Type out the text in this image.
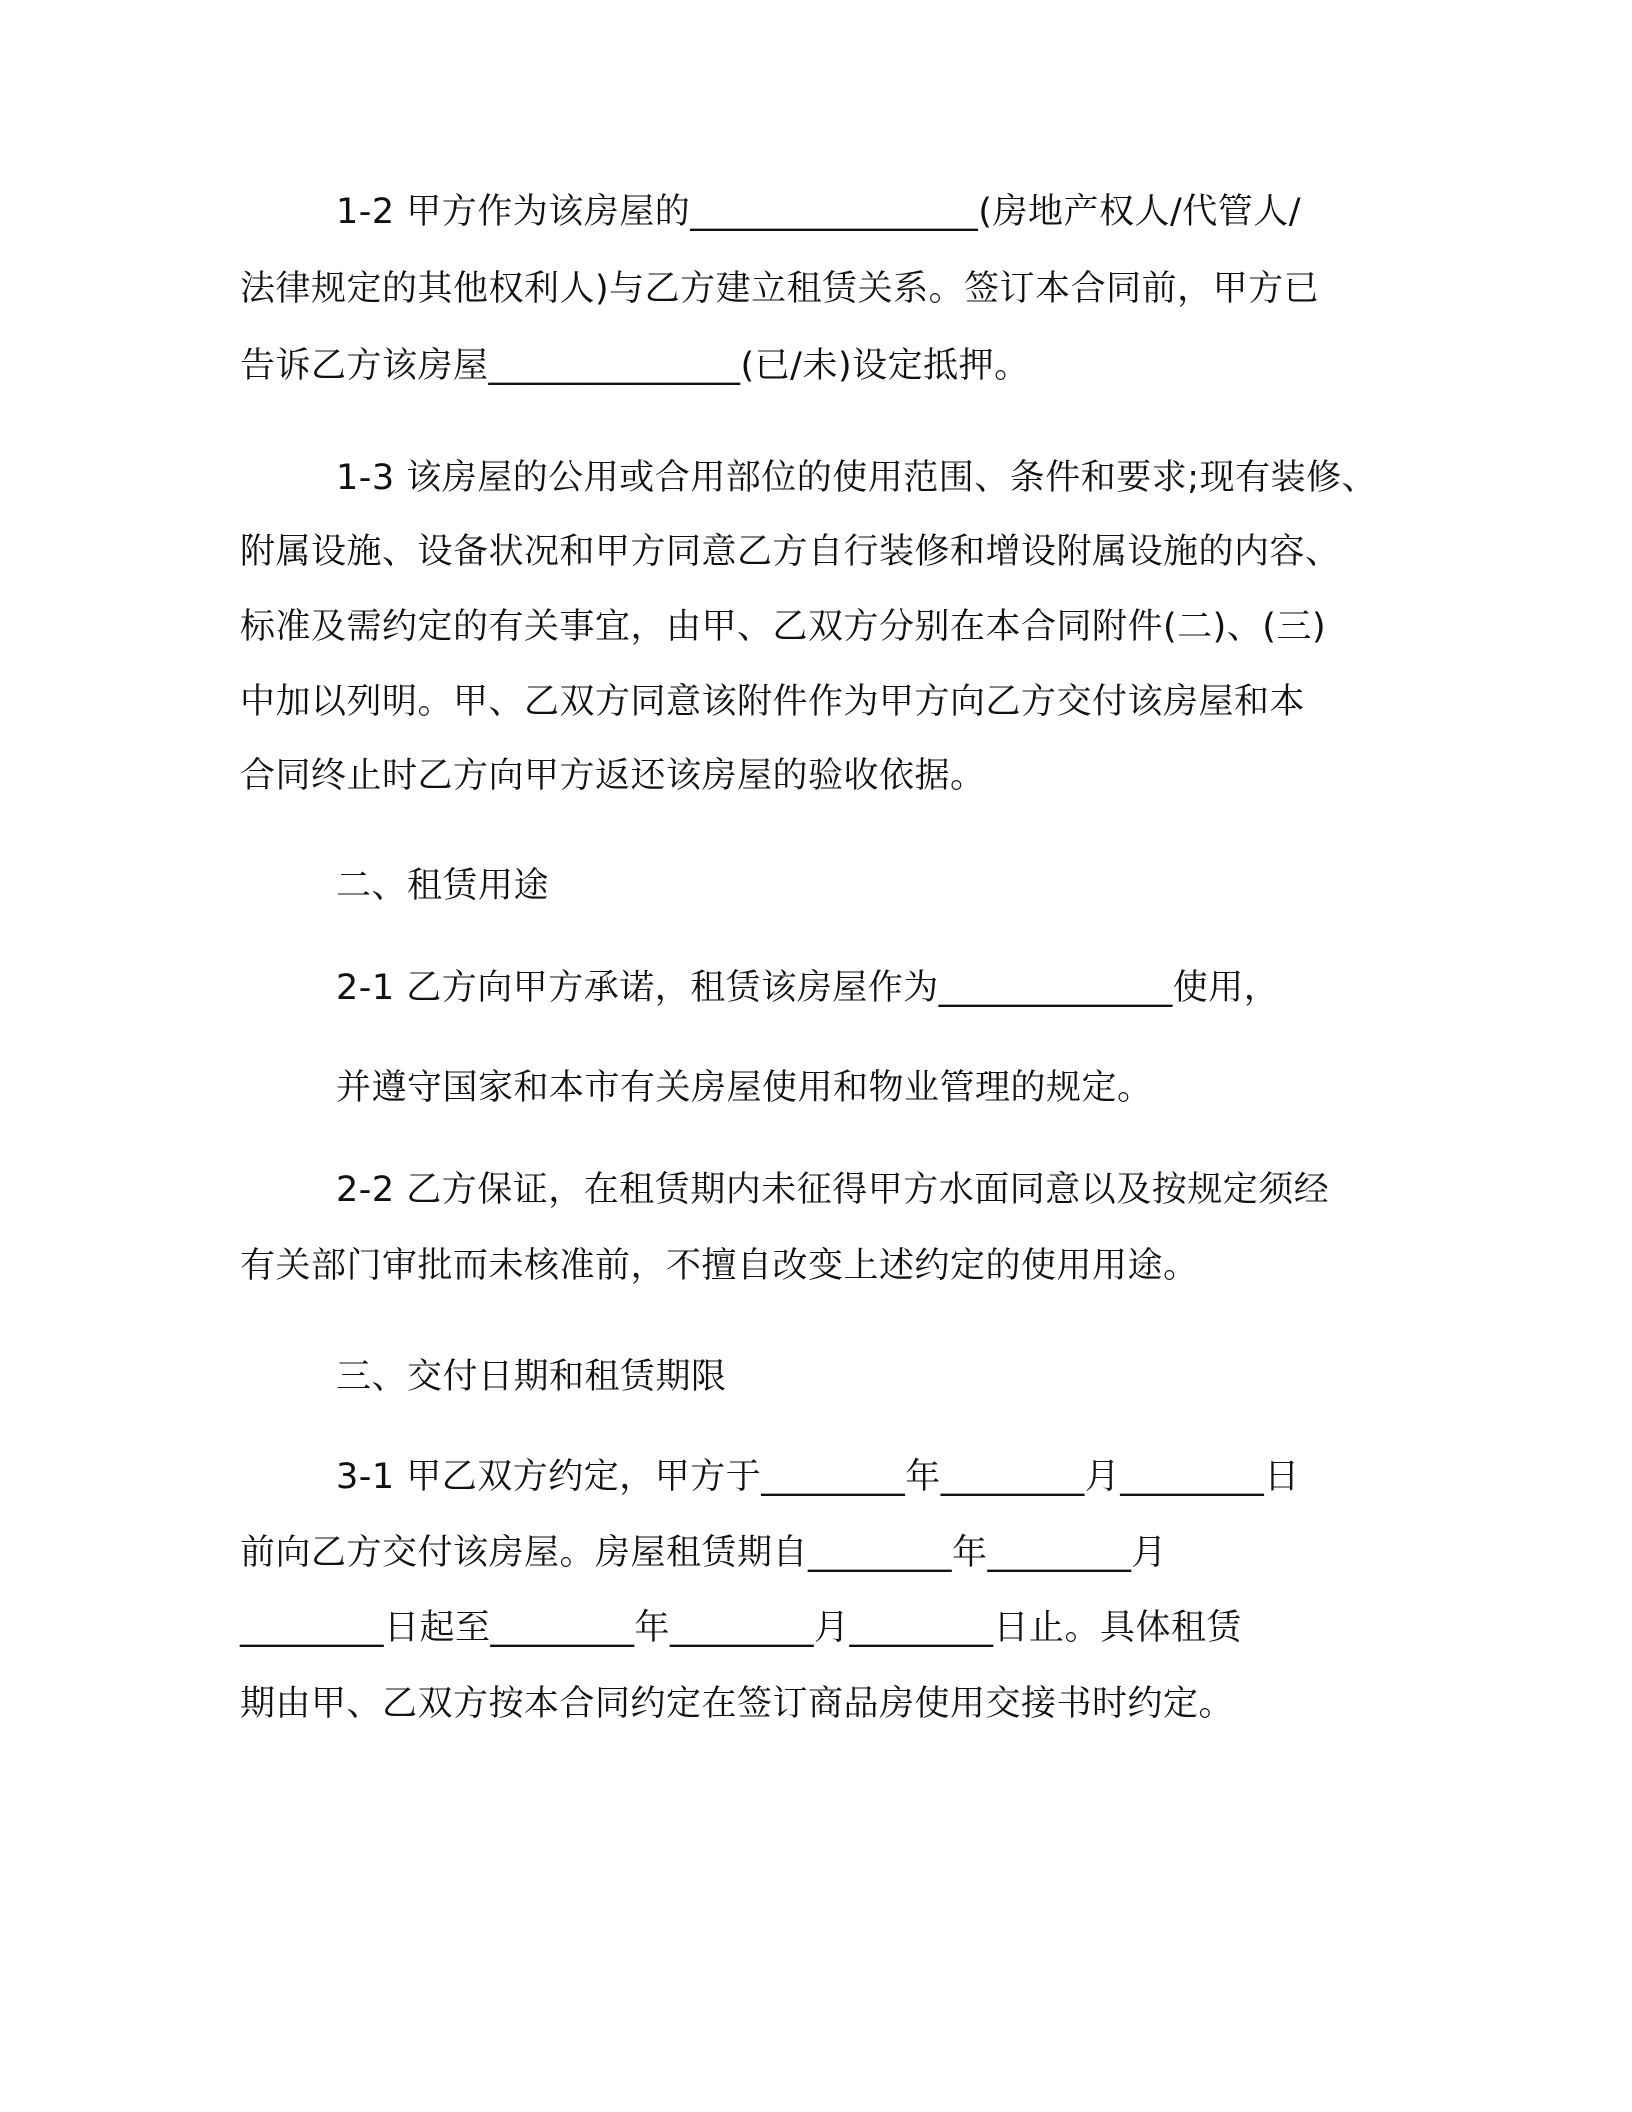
1-2 甲方作为该房屋的________________(房地产权人/代管人/
法律规定的其他权利人)与乙方建立租赁关系。签订本合同前，甲方已
告诉乙方该房屋______________(已/未)设定抵押。
1-3 该房屋的公用或合用部位的使用范围、条件和要求;现有装修、
附属设施、设备状况和甲方同意乙方自行装修和增设附属设施的内容、
标准及需约定的有关事宜，由甲、乙双方分别在本合同附件(二)、(三)
中加以列明。甲、乙双方同意该附件作为甲方向乙方交付该房屋和本
合同终止时乙方向甲方返还该房屋的验收依据。
二、租赁用途
2-1 乙方向甲方承诺，租赁该房屋作为_____________使用，
并遵守国家和本市有关房屋使用和物业管理的规定。
2-2 乙方保证，在租赁期内未征得甲方水面同意以及按规定须经
有关部门审批而未核准前，不擅自改变上述约定的使用用途。
三、交付日期和租赁期限
3-1 甲乙双方约定，甲方于________年________月________日
前向乙方交付该房屋。房屋租赁期自________年________月
________日起至________年________月________日止。具体租赁
期由甲、乙双方按本合同约定在签订商品房使用交接书时约定。
